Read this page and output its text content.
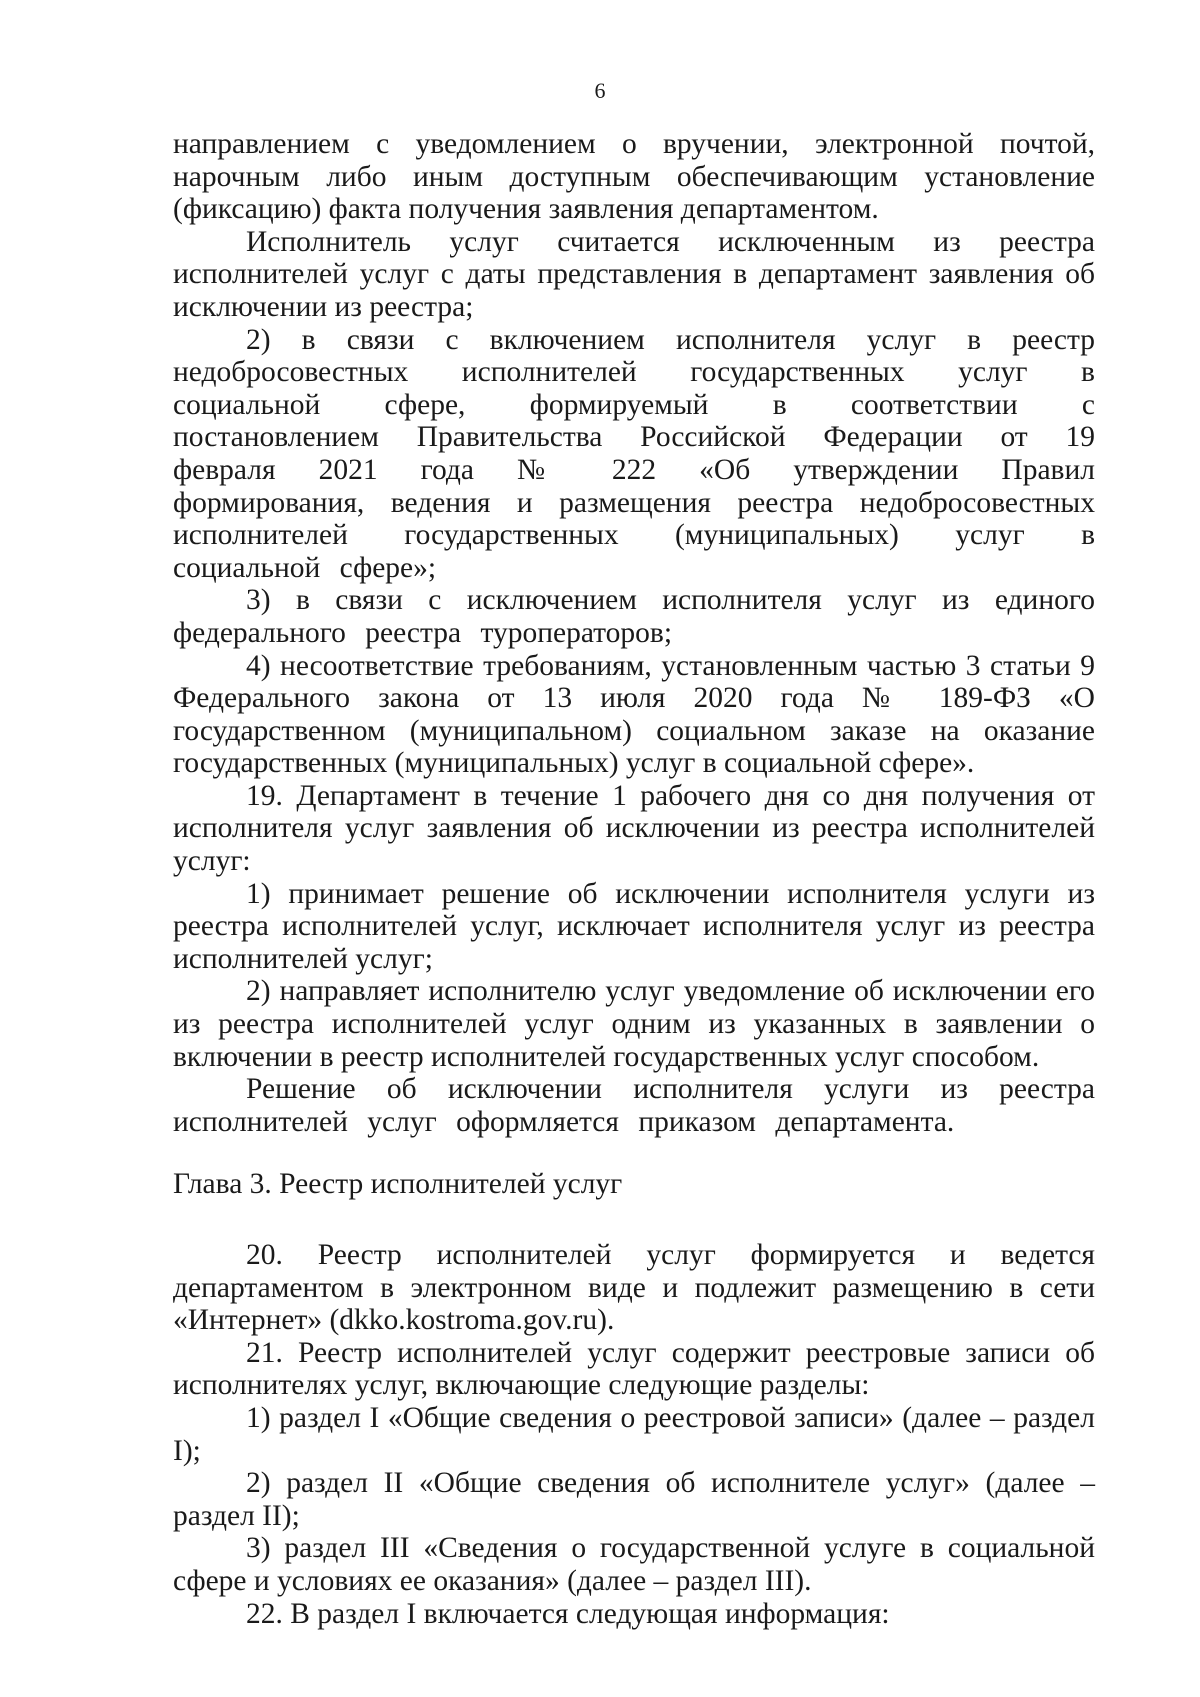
6

направлением с уведомлением о вручении, электронной почтой, нарочным либо иным доступным обеспечивающим установление (фиксацию) факта получения заявления департаментом.

Исполнитель услуг считается исключенным из реестра исполнителей услуг с даты представления в департамент заявления об исключении из реестра;

2) в связи с включением исполнителя услуг в реестр недобросовестных исполнителей государственных услуг в социальной сфере, формируемый в соответствии с постановлением Правительства Российской Федерации от 19 февраля 2021 года № 222 «Об утверждении Правил формирования, ведения и размещения реестра недобросовестных исполнителей государственных (муниципальных) услуг в социальной сфере»;

3) в связи с исключением исполнителя услуг из единого федерального реестра туроператоров;

4) несоответствие требованиям, установленным частью 3 статьи 9 Федерального закона от 13 июля 2020 года № 189-ФЗ «О государственном (муниципальном) социальном заказе на оказание государственных (муниципальных) услуг в социальной сфере».

19. Департамент в течение 1 рабочего дня со дня получения от исполнителя услуг заявления об исключении из реестра исполнителей услуг:

1) принимает решение об исключении исполнителя услуги из реестра исполнителей услуг, исключает исполнителя услуг из реестра исполнителей услуг;

2) направляет исполнителю услуг уведомление об исключении его из реестра исполнителей услуг одним из указанных в заявлении о включении в реестр исполнителей государственных услуг способом.

Решение об исключении исполнителя услуги из реестра исполнителей услуг оформляется приказом департамента.

Глава 3. Реестр исполнителей услуг

20. Реестр исполнителей услуг формируется и ведется департаментом в электронном виде и подлежит размещению в сети «Интернет» (dkko.kostroma.gov.ru).

21. Реестр исполнителей услуг содержит реестровые записи об исполнителях услуг, включающие следующие разделы:

1) раздел I «Общие сведения о реестровой записи» (далее – раздел I);

2) раздел II «Общие сведения об исполнителе услуг» (далее – раздел II);

3) раздел III «Сведения о государственной услуге в социальной сфере и условиях ее оказания» (далее – раздел III).

22. В раздел I включается следующая информация:
